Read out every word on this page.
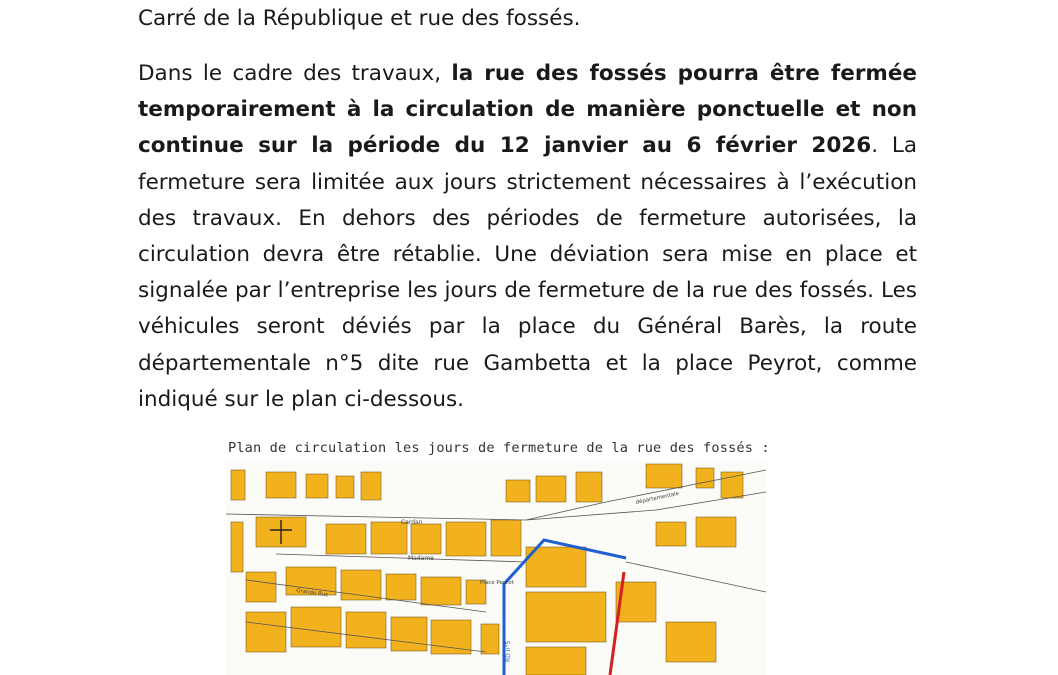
Carré de la République et rue des fossés.

Dans le cadre des travaux, la rue des fossés pourra être fermée temporairement à la circulation de manière ponctuelle et non continue sur la période du 12 janvier au 6 février 2026. La fermeture sera limitée aux jours strictement nécessaires à l’exécution des travaux. En dehors des périodes de fermeture autorisées, la circulation devra être rétablie. Une déviation sera mise en place et signalée par l’entreprise les jours de fermeture de la rue des fossés. Les véhicules seront déviés par la place du Général Barès, la route départementale n°5 dite rue Gambetta et la place Peyrot, comme indiqué sur le plan ci-dessous.

Plan de circulation les jours de fermeture de la rue des fossés :
Cardan
Madame
Place Peyrot
départementale
Grande Rue
RD n°5
